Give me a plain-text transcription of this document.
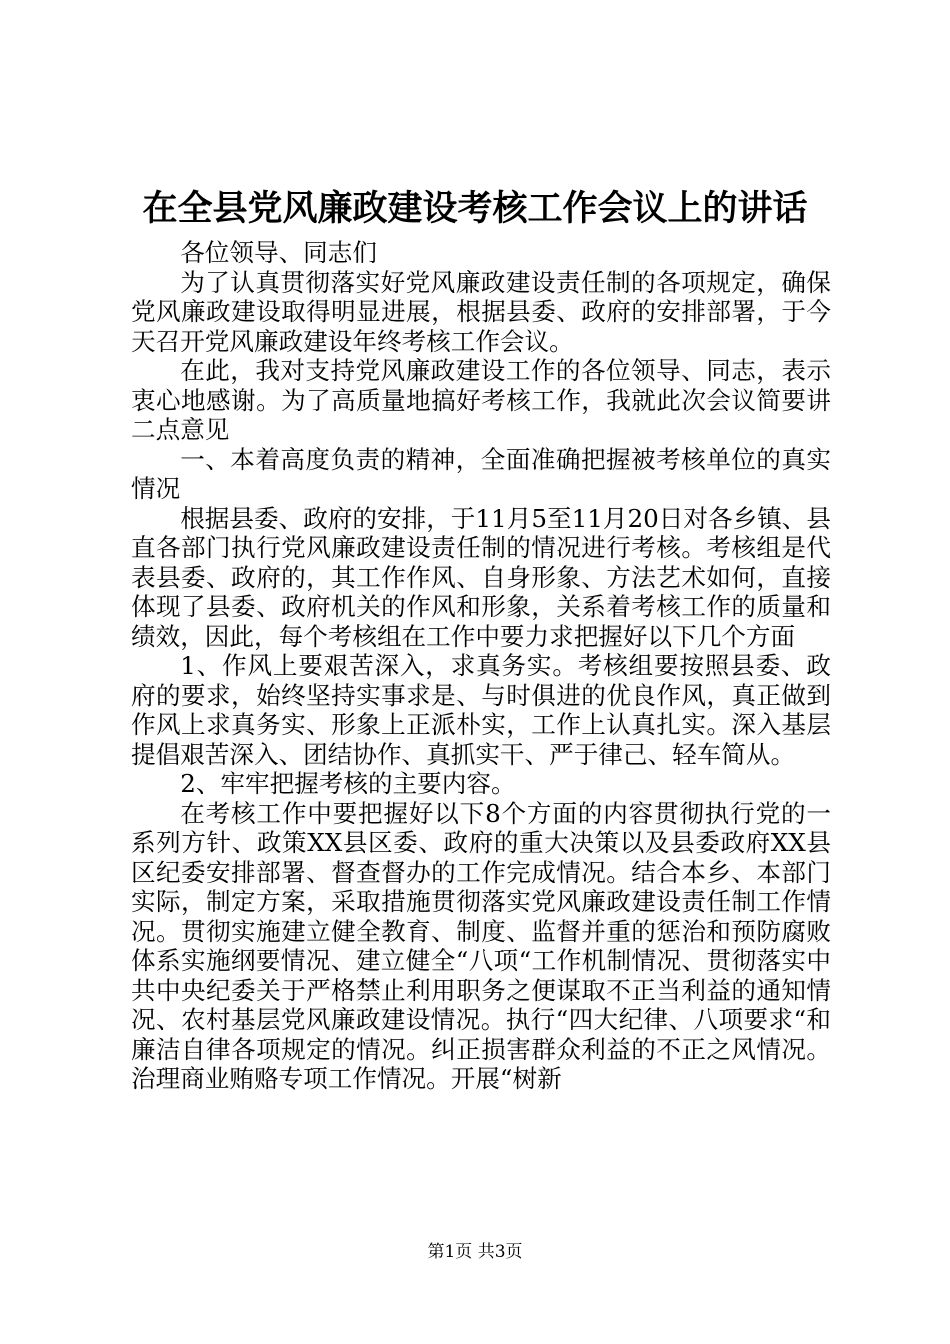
在全县党风廉政建设考核工作会议上的讲话

各位领导、同志们

为了认真贯彻落实好党风廉政建设责任制的各项规定，确保党风廉政建设取得明显进展，根据县委、政府的安排部署，于今天召开党风廉政建设年终考核工作会议。

在此，我对支持党风廉政建设工作的各位领导、同志，表示衷心地感谢。为了高质量地搞好考核工作，我就此次会议简要讲二点意见

一、本着高度负责的精神，全面准确把握被考核单位的真实情况

根据县委、政府的安排，于11月5至11月20日对各乡镇、县直各部门执行党风廉政建设责任制的情况进行考核。考核组是代表县委、政府的，其工作作风、自身形象、方法艺术如何，直接体现了县委、政府机关的作风和形象，关系着考核工作的质量和绩效，因此，每个考核组在工作中要力求把握好以下几个方面

1、作风上要艰苦深入，求真务实。考核组要按照县委、政府的要求，始终坚持实事求是、与时俱进的优良作风，真正做到作风上求真务实、形象上正派朴实，工作上认真扎实。深入基层提倡艰苦深入、团结协作、真抓实干、严于律己、轻车简从。

2、牢牢把握考核的主要内容。

在考核工作中要把握好以下8个方面的内容贯彻执行党的一系列方针、政策XX县区委、政府的重大决策以及县委政府XX县区纪委安排部署、督查督办的工作完成情况。结合本乡、本部门实际，制定方案，采取措施贯彻落实党风廉政建设责任制工作情况。贯彻实施建立健全教育、制度、监督并重的惩治和预防腐败体系实施纲要情况、建立健全“八项“工作机制情况、贯彻落实中共中央纪委关于严格禁止利用职务之便谋取不正当利益的通知情况、农村基层党风廉政建设情况。执行“四大纪律、八项要求“和廉洁自律各项规定的情况。纠正损害群众利益的不正之风情况。治理商业贿赂专项工作情况。开展“树新

第1页 共3页
